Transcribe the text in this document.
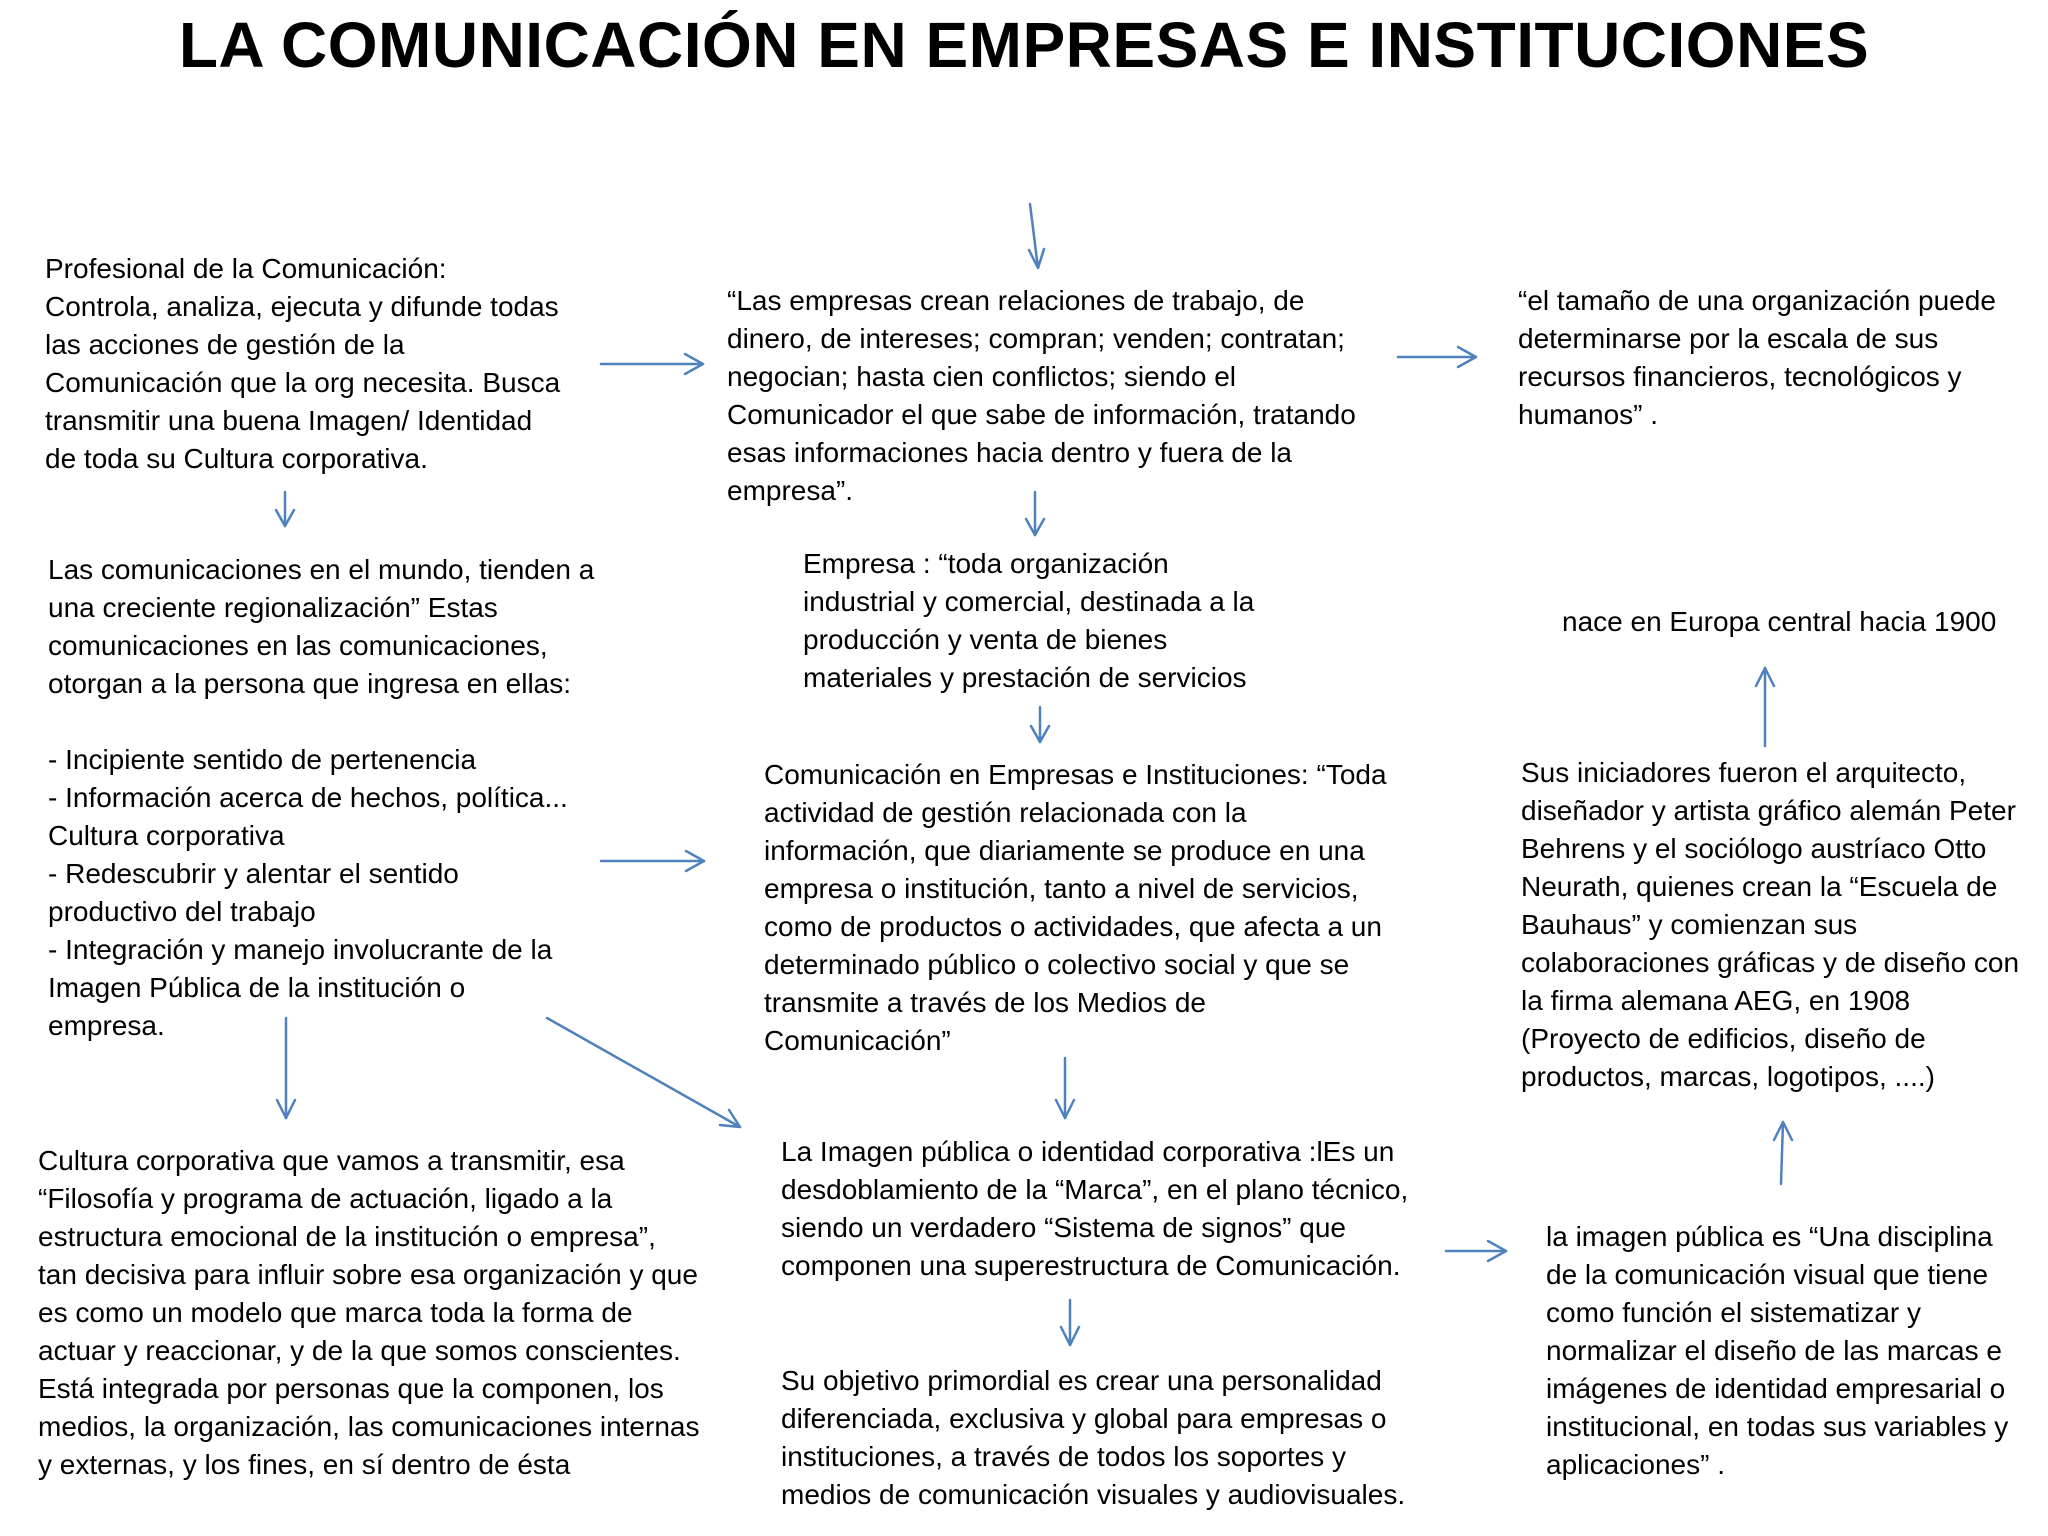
LA COMUNICACIÓN EN EMPRESAS E INSTITUCIONES
Profesional de la Comunicación:
Controla, analiza, ejecuta y difunde todas
las acciones de gestión de la
Comunicación que la org necesita. Busca
transmitir una buena Imagen/ Identidad
de toda su Cultura corporativa.
“Las empresas crean relaciones de trabajo, de
dinero, de intereses; compran; venden; contratan;
negocian; hasta cien conflictos; siendo el
Comunicador el que sabe de información, tratando
esas informaciones hacia dentro y fuera de la
empresa”.
“el tamaño de una organización puede
determinarse por la escala de sus
recursos financieros, tecnológicos y
humanos” .
Las comunicaciones en el mundo, tienden a
una creciente regionalización” Estas
comunicaciones en las comunicaciones,
otorgan a la persona que ingresa en ellas:

- Incipiente sentido de pertenencia
- Información acerca de hechos, política...
Cultura corporativa
- Redescubrir y alentar el sentido
productivo del trabajo
- Integración y manejo involucrante de la
Imagen Pública de la institución o
empresa.
Empresa : “toda organización
industrial y comercial, destinada a la
producción y venta de bienes
materiales y prestación de servicios
nace en Europa central hacia 1900
Comunicación en Empresas e Instituciones: “Toda
actividad de gestión relacionada con la
información, que diariamente se produce en una
empresa o institución, tanto a nivel de servicios,
como de productos o actividades, que afecta a un
determinado público o colectivo social y que se
transmite a través de los Medios de
Comunicación”
Sus iniciadores fueron el arquitecto,
diseñador y artista gráfico alemán Peter
Behrens y el sociólogo austríaco Otto
Neurath, quienes crean la “Escuela de
Bauhaus” y comienzan sus
colaboraciones gráficas y de diseño con
la firma alemana AEG, en 1908
(Proyecto de edificios, diseño de
productos, marcas, logotipos, ....)
Cultura corporativa que vamos a transmitir, esa
“Filosofía y programa de actuación, ligado a la
estructura emocional de la institución o empresa”,
tan decisiva para influir sobre esa organización y que
es como un modelo que marca toda la forma de
actuar y reaccionar, y de la que somos conscientes.
Está integrada por personas que la componen, los
medios, la organización, las comunicaciones internas
y externas, y los fines, en sí dentro de ésta
La Imagen pública o identidad corporativa :lEs un
desdoblamiento de la “Marca”, en el plano técnico,
siendo un verdadero “Sistema de signos” que
componen una superestructura de Comunicación.
Su objetivo primordial es crear una personalidad
diferenciada, exclusiva y global para empresas o
instituciones, a través de todos los soportes y
medios de comunicación visuales y audiovisuales.
la imagen pública es “Una disciplina
de la comunicación visual que tiene
como función el sistematizar y
normalizar el diseño de las marcas e
imágenes de identidad empresarial o
institucional, en todas sus variables y
aplicaciones” .
